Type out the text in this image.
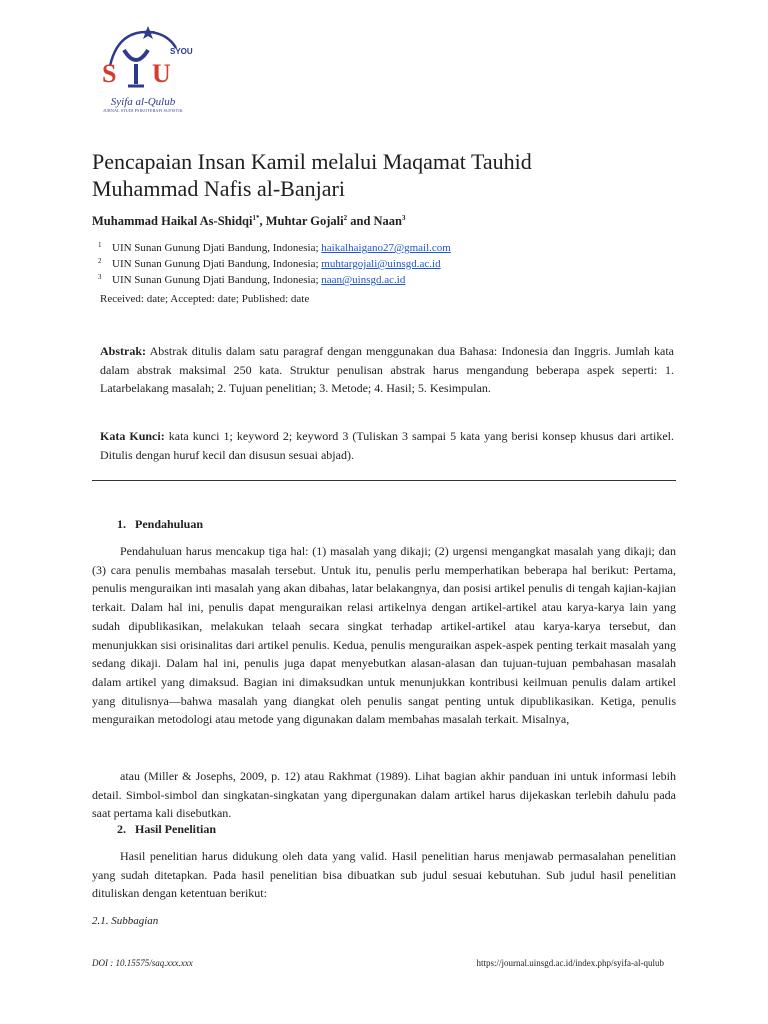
S U
SYOU
Syifa al-Qulub
JURNAL STUDI PSIKOTERAPI SUFISTIK
Pencapaian Insan Kamil melalui Maqamat Tauhid
Muhammad Nafis al-Banjari
Muhammad Haikal As-Shidqi$^{1*}$, Muhtar Gojali$^2$ and Naan$^3$
1 UIN Sunan Gunung Djati Bandung, Indonesia; haikalhaigano27@gmail.com
2 UIN Sunan Gunung Djati Bandung, Indonesia; muhtargojali@uinsgd.ac.id
3 UIN Sunan Gunung Djati Bandung, Indonesia; naan@uinsgd.ac.id
Received: date; Accepted: date; Published: date

Abstrak: Abstrak ditulis dalam satu paragraf dengan menggunakan dua Bahasa: Indonesia dan Inggris. Jumlah kata dalam abstrak maksimal 250 kata. Struktur penulisan abstrak harus mengandung beberapa aspek seperti: 1. Latarbelakang masalah; 2. Tujuan penelitian; 3. Metode; 4. Hasil; 5. Kesimpulan.

Kata Kunci: kata kunci 1; keyword 2; keyword 3 (Tuliskan 3 sampai 5 kata yang berisi konsep khusus dari artikel. Ditulis dengan huruf kecil dan disusun sesuai abjad).

1.   Pendahuluan

Pendahuluan harus mencakup tiga hal: (1) masalah yang dikaji; (2) urgensi mengangkat masalah yang dikaji; dan (3) cara penulis membahas masalah tersebut. Untuk itu, penulis perlu memperhatikan beberapa hal berikut: Pertama, penulis menguraikan inti masalah yang akan dibahas, latar belakangnya, dan posisi artikel penulis di tengah kajian-kajian terkait. Dalam hal ini, penulis dapat menguraikan relasi artikelnya dengan artikel-artikel atau karya-karya lain yang sudah dipublikasikan, melakukan telaah secara singkat terhadap artikel-artikel atau karya-karya tersebut, dan menunjukkan sisi orisinalitas dari artikel penulis. Kedua, penulis menguraikan aspek-aspek penting terkait masalah yang sedang dikaji. Dalam hal ini, penulis juga dapat menyebutkan alasan-alasan dan tujuan-tujuan pembahasan masalah dalam artikel yang dimaksud. Bagian ini dimaksudkan untuk menunjukkan kontribusi keilmuan penulis dalam artikel yang ditulisnya—bahwa masalah yang diangkat oleh penulis sangat penting untuk dipublikasikan. Ketiga, penulis menguraikan metodologi atau metode yang digunakan dalam membahas masalah terkait. Misalnya,

atau (Miller & Josephs, 2009, p. 12) atau Rakhmat (1989). Lihat bagian akhir panduan ini untuk informasi lebih detail. Simbol-simbol dan singkatan-singkatan yang dipergunakan dalam artikel harus dijekaskan terlebih dahulu pada saat pertama kali disebutkan.

2.   Hasil Penelitian

Hasil penelitian harus didukung oleh data yang valid. Hasil penelitian harus menjawab permasalahan penelitian yang sudah ditetapkan. Pada hasil penelitian bisa dibuatkan sub judul sesuai kebutuhan. Sub judul hasil penelitian dituliskan dengan ketentuan berikut:

2.1. Subbagian
DOI : 10.15575/saq.xxx.xxx	https://journal.uinsgd.ac.id/index.php/syifa-al-qulub
